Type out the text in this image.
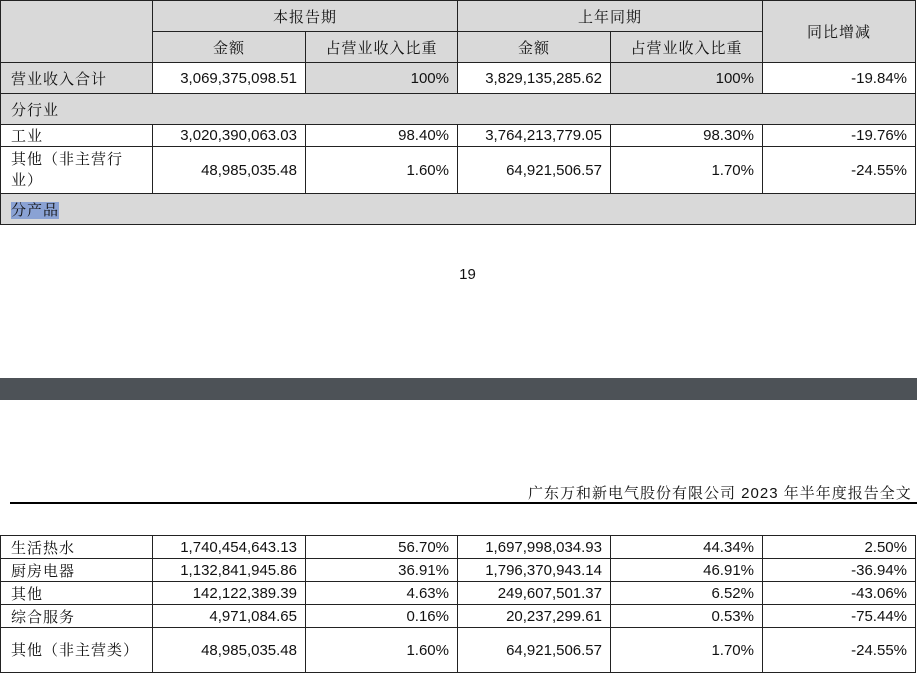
	本报告期		上年同期		同比增减
	金额	占营业收入比重	金额	占营业收入比重	
营业收入合计	3,069,375,098.51	100%	3,829,135,285.62	100%	-19.84%
分行业					
工业	3,020,390,063.03	98.40%	3,764,213,779.05	98.30%	-19.76%
其他（非主营行业）	48,985,035.48	1.60%	64,921,506.57	1.70%	-24.55%
分产品					
19
广东万和新电气股份有限公司 2023 年半年度报告全文
生活热水	1,740,454,643.13	56.70%	1,697,998,034.93	44.34%	2.50%
厨房电器	1,132,841,945.86	36.91%	1,796,370,943.14	46.91%	-36.94%
其他	142,122,389.39	4.63%	249,607,501.37	6.52%	-43.06%
综合服务	4,971,084.65	0.16%	20,237,299.61	0.53%	-75.44%
其他（非主营类）	48,985,035.48	1.60%	64,921,506.57	1.70%	-24.55%
